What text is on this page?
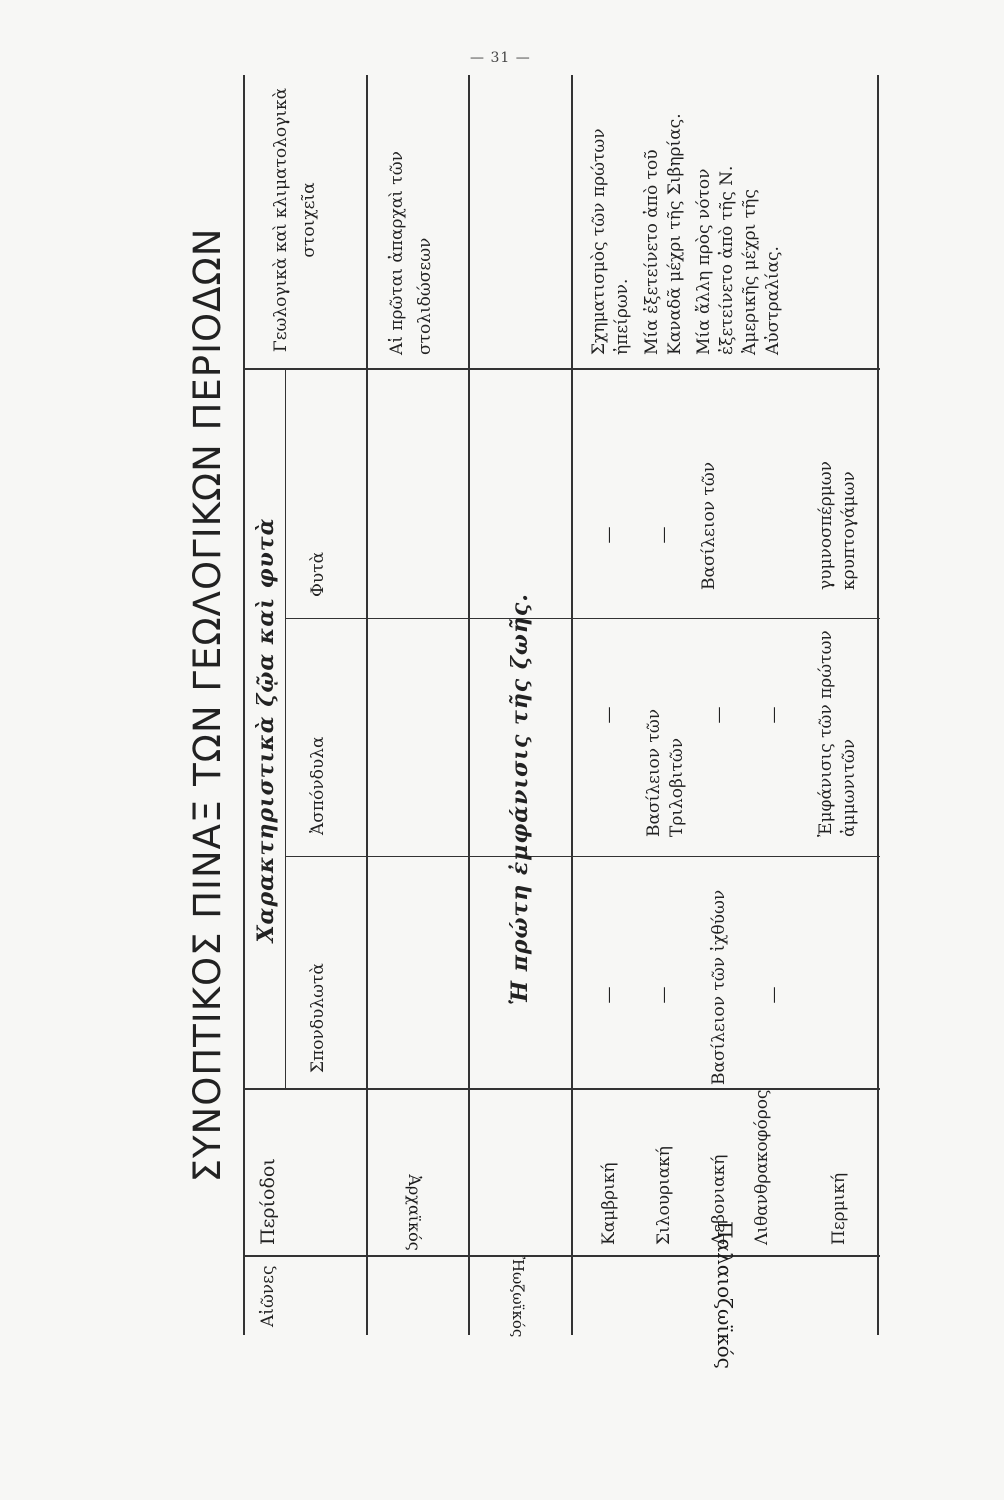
— 31 —
ΣΥΝΟΠΤΙΚΟΣ ΠΙΝΑΞ ΤΩΝ ΓΕΩΛΟΓΙΚΩΝ ΠΕΡΙΟΔΩΝ
Αἰῶνες
Περίοδοι
Χαρακτηριστικὰ ζῷα καὶ φυτὰ
Σπονδυλωτὰ
Ἀσπόνδυλα
Φυτὰ
Γεωλογικὰ καὶ κλιματολογικὰ στοιχεῖα
Ἀρχαϊκός
Ἠωζωϊκός	Παλαιοζωϊκός
Αἱ πρῶται ἀπαρχαὶ τῶν στολιδώσεων
Ἡ πρώτη ἐμφάνισις τῆς ζωῆς.
Καμβρική
—
—
—
Σχηματισμὸς τῶν πρώτων ἠπείρων.
Σιλουριακή
—
Βασίλειον τῶν Τριλοβιτῶν
—
Μία ἐξετείνετο ἀπὸ τοῦ Καναδᾶ μέχρι τῆς Σιβηρίας.
Δεβονιακή
Βασίλειον τῶν ἰχθύων
—
Βασίλειον τῶν
Μία ἄλλη πρὸς νότον ἐξετείνετο ἀπὸ τῆς Ν. Ἀμερικῆς μέχρι τῆς Αὐστραλίας.
Λιθανθρακοφόρος
—
—
Περμική
Ἐμφάνισις τῶν πρώτων ἀμμωνιτῶν
γυμνοσπέρμων κρυπτογάμων
